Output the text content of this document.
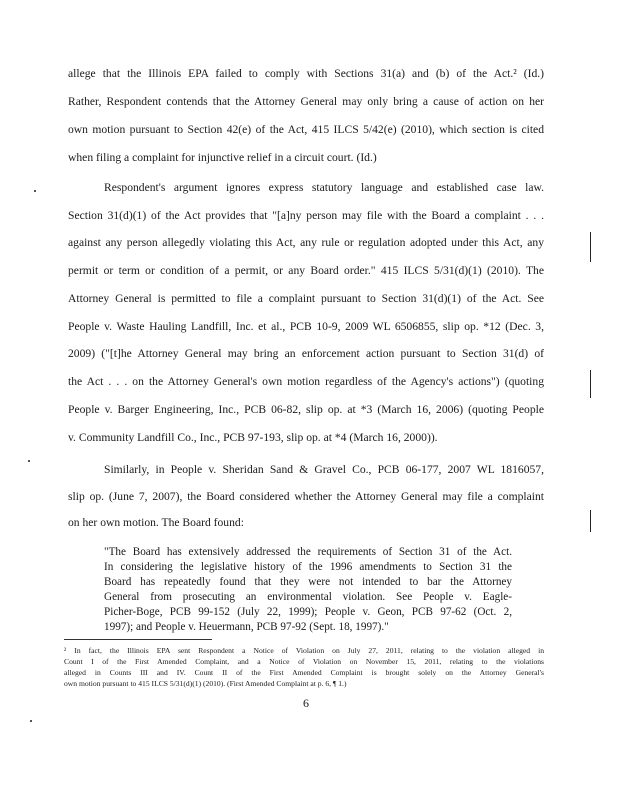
allege that the Illinois EPA failed to comply with Sections 31(a) and (b) of the Act.² (Id.)
Rather, Respondent contends that the Attorney General may only bring a cause of action on her
own motion pursuant to Section 42(e) of the Act, 415 ILCS 5/42(e) (2010), which section is cited
when filing a complaint for injunctive relief in a circuit court. (Id.)
Respondent's argument ignores express statutory language and established case law.
Section 31(d)(1) of the Act provides that "[a]ny person may file with the Board a complaint . . .
against any person allegedly violating this Act, any rule or regulation adopted under this Act, any
permit or term or condition of a permit, or any Board order." 415 ILCS 5/31(d)(1) (2010). The
Attorney General is permitted to file a complaint pursuant to Section 31(d)(1) of the Act. See
People v. Waste Hauling Landfill, Inc. et al., PCB 10-9, 2009 WL 6506855, slip op. *12 (Dec. 3,
2009) ("[t]he Attorney General may bring an enforcement action pursuant to Section 31(d) of
the Act . . . on the Attorney General's own motion regardless of the Agency's actions") (quoting
People v. Barger Engineering, Inc., PCB 06-82, slip op. at *3 (March 16, 2006) (quoting People
v. Community Landfill Co., Inc., PCB 97-193, slip op. at *4 (March 16, 2000)).
Similarly, in People v. Sheridan Sand & Gravel Co., PCB 06-177, 2007 WL 1816057,
slip op. (June 7, 2007), the Board considered whether the Attorney General may file a complaint
on her own motion. The Board found:
"The Board has extensively addressed the requirements of Section 31 of the Act.
In considering the legislative history of the 1996 amendments to Section 31 the
Board has repeatedly found that they were not intended to bar the Attorney
General from prosecuting an environmental violation. See People v. Eagle-
Picher-Boge, PCB 99-152 (July 22, 1999); People v. Geon, PCB 97-62 (Oct. 2,
1997); and People v. Heuermann, PCB 97-92 (Sept. 18, 1997)."
² In fact, the Illinois EPA sent Respondent a Notice of Violation on July 27, 2011, relating to the violation alleged in
Count I of the First Amended Complaint, and a Notice of Violation on November 15, 2011, relating to the violations
alleged in Counts III and IV. Count II of the First Amended Complaint is brought solely on the Attorney General's
own motion pursuant to 415 ILCS 5/31(d)(1) (2010). (First Amended Complaint at p. 6, ¶ 1.)
6
